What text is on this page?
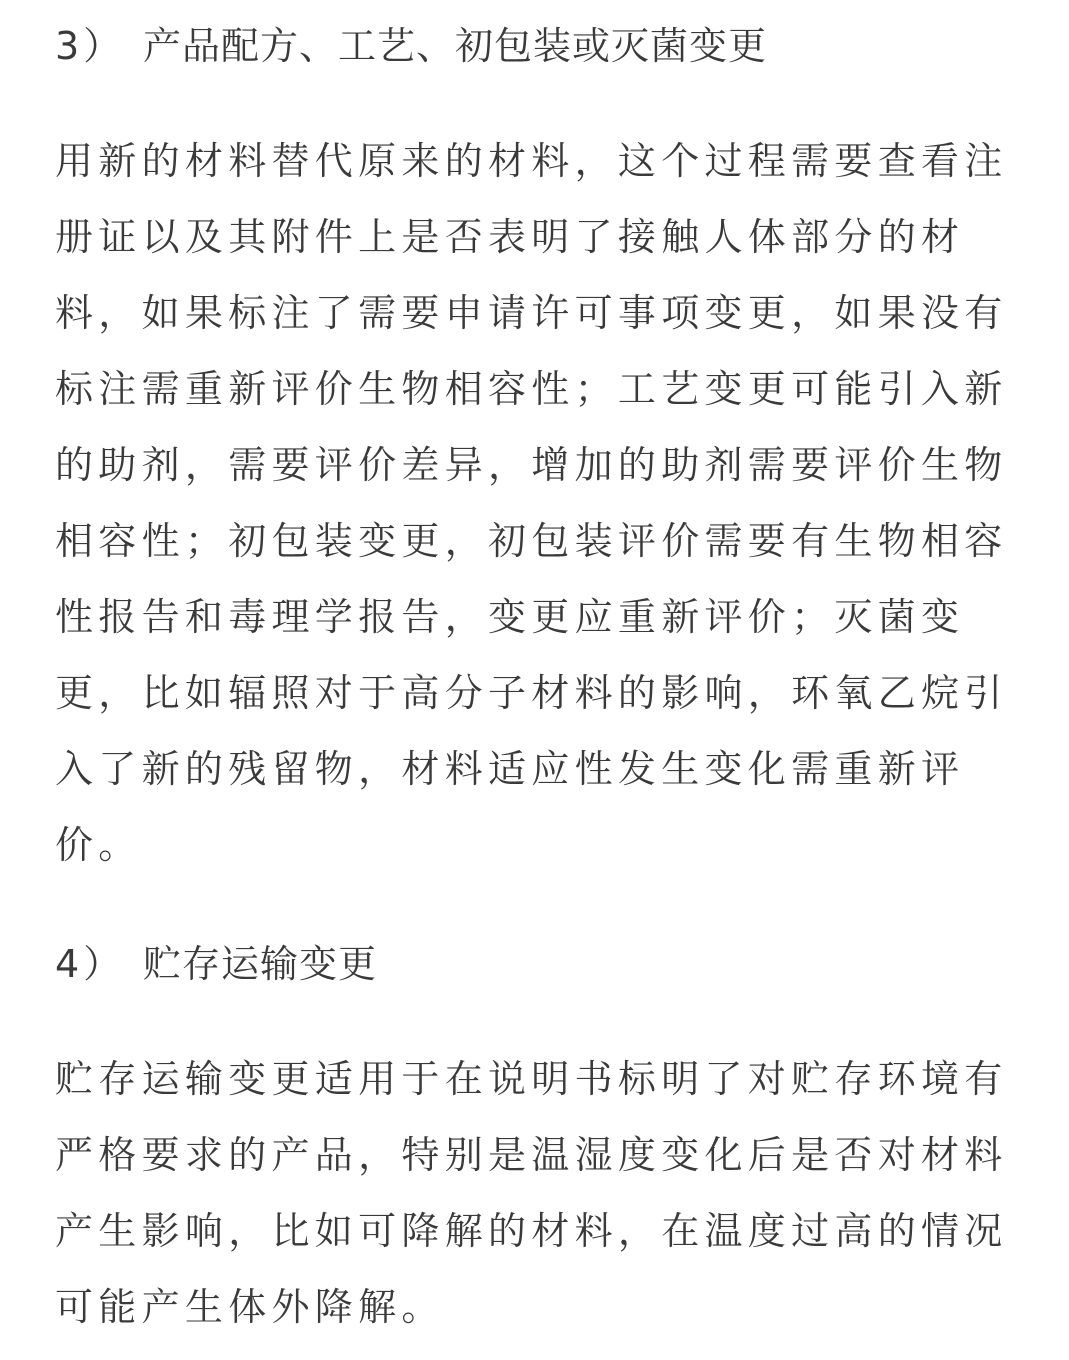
3） 产品配方、工艺、初包装或灭菌变更
用新的材料替代原来的材料，这个过程需要查看注
册证以及其附件上是否表明了接触人体部分的材
料，如果标注了需要申请许可事项变更，如果没有
标注需重新评价生物相容性；工艺变更可能引入新
的助剂，需要评价差异，增加的助剂需要评价生物
相容性；初包装变更，初包装评价需要有生物相容
性报告和毒理学报告，变更应重新评价；灭菌变
更，比如辐照对于高分子材料的影响，环氧乙烷引
入了新的残留物，材料适应性发生变化需重新评
价。
4） 贮存运输变更
贮存运输变更适用于在说明书标明了对贮存环境有
严格要求的产品，特别是温湿度变化后是否对材料
产生影响，比如可降解的材料，在温度过高的情况
可能产生体外降解。
